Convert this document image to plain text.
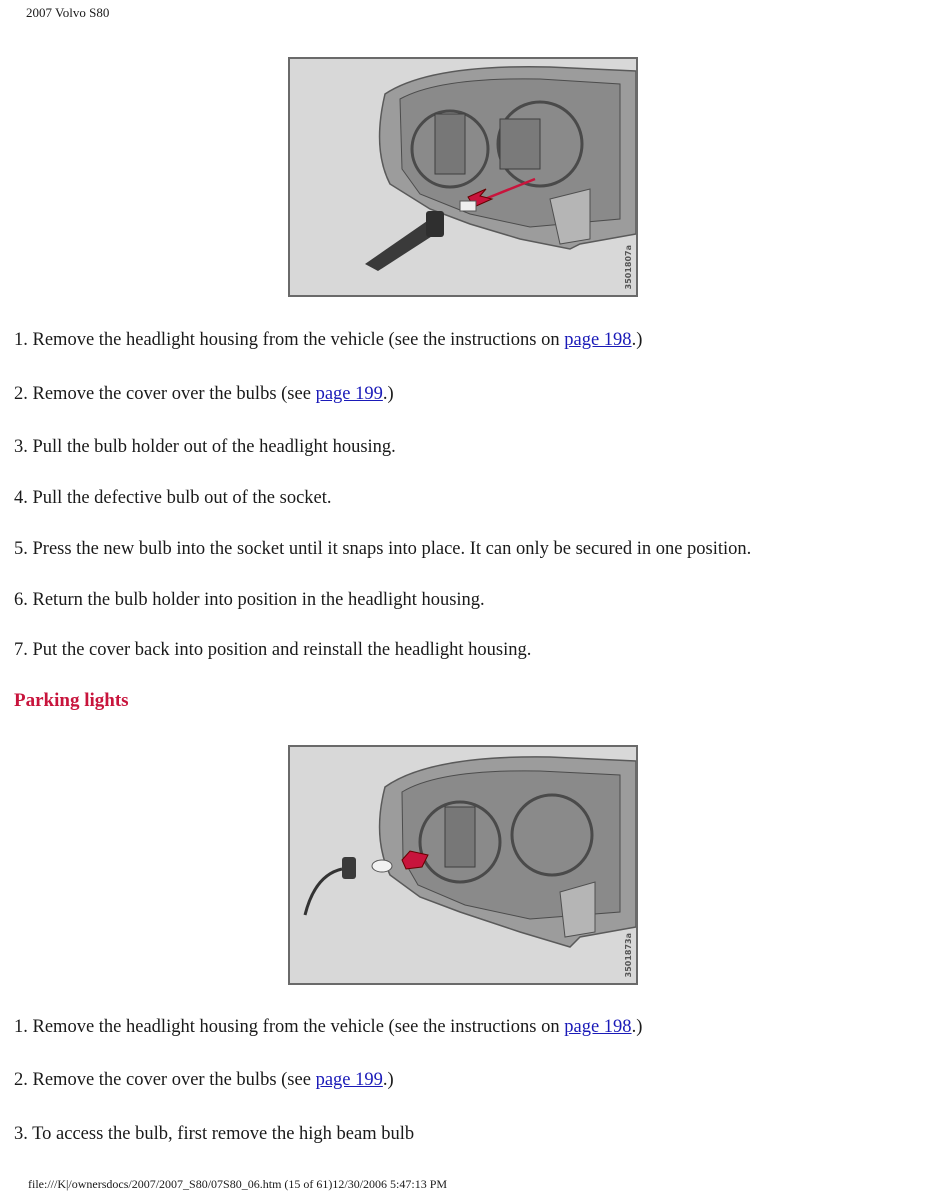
2007 Volvo S80
3501807a
1. Remove the headlight housing from the vehicle (see the instructions on page 198.)
2. Remove the cover over the bulbs (see page 199.)
3. Pull the bulb holder out of the headlight housing.
4. Pull the defective bulb out of the socket.
5. Press the new bulb into the socket until it snaps into place. It can only be secured in one position.
6. Return the bulb holder into position in the headlight housing.
7. Put the cover back into position and reinstall the headlight housing.
Parking lights
3501873a
1. Remove the headlight housing from the vehicle (see the instructions on page 198.)
2. Remove the cover over the bulbs (see page 199.)
3. To access the bulb, first remove the high beam bulb
file:///K|/ownersdocs/2007/2007_S80/07S80_06.htm (15 of 61)12/30/2006 5:47:13 PM
